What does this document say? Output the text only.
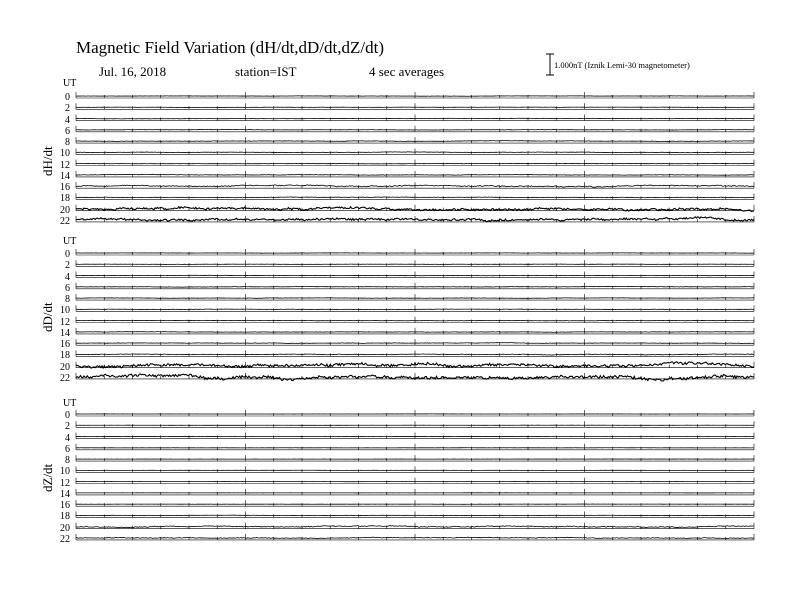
Magnetic Field Variation (dH/dt,dD/dt,dZ/dt)
Jul. 16, 2018	station=IST	4 sec averages	1.000nT (Iznik Lemi-30 magnetometer)
UT
dH/dt
0
2
4
6
8
10
12
14
16
18
20
22
UT
dD/dt
0
2
4
6
8
10
12
14
16
18
20
22
UT
dZ/dt
0
2
4
6
8
10
12
14
16
18
20
22
